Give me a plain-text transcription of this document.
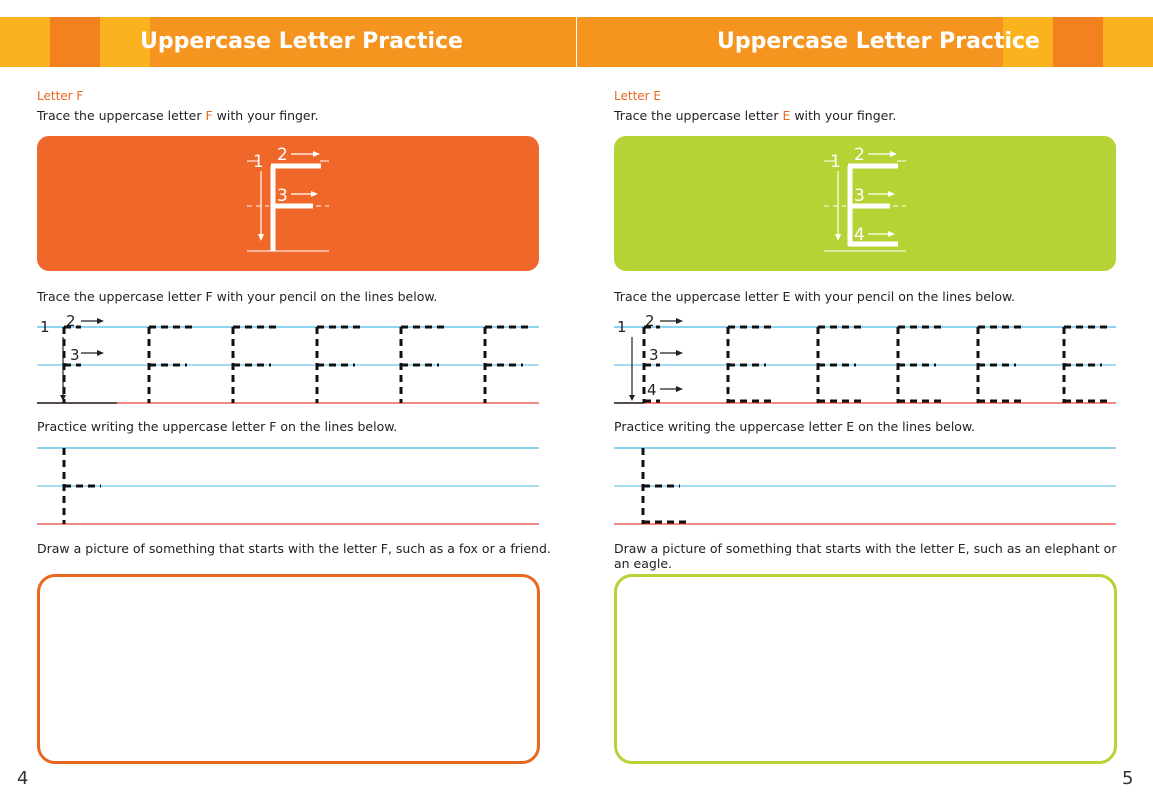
Uppercase Letter Practice
Letter F
Trace the uppercase letter F with your finger.
1 2
3
Trace the uppercase letter F with your pencil on the lines below.
1 2
3
Practice writing the uppercase letter F on the lines below.
Draw a picture of something that starts with the letter F, such as a fox or a friend.
4
Uppercase Letter Practice
Letter E
Trace the uppercase letter E with your finger.
1 2
3
4
Trace the uppercase letter E with your pencil on the lines below.
1 2
3
4
Practice writing the uppercase letter E on the lines below.
Draw a picture of something that starts with the letter E, such as an elephant or an eagle.
5
